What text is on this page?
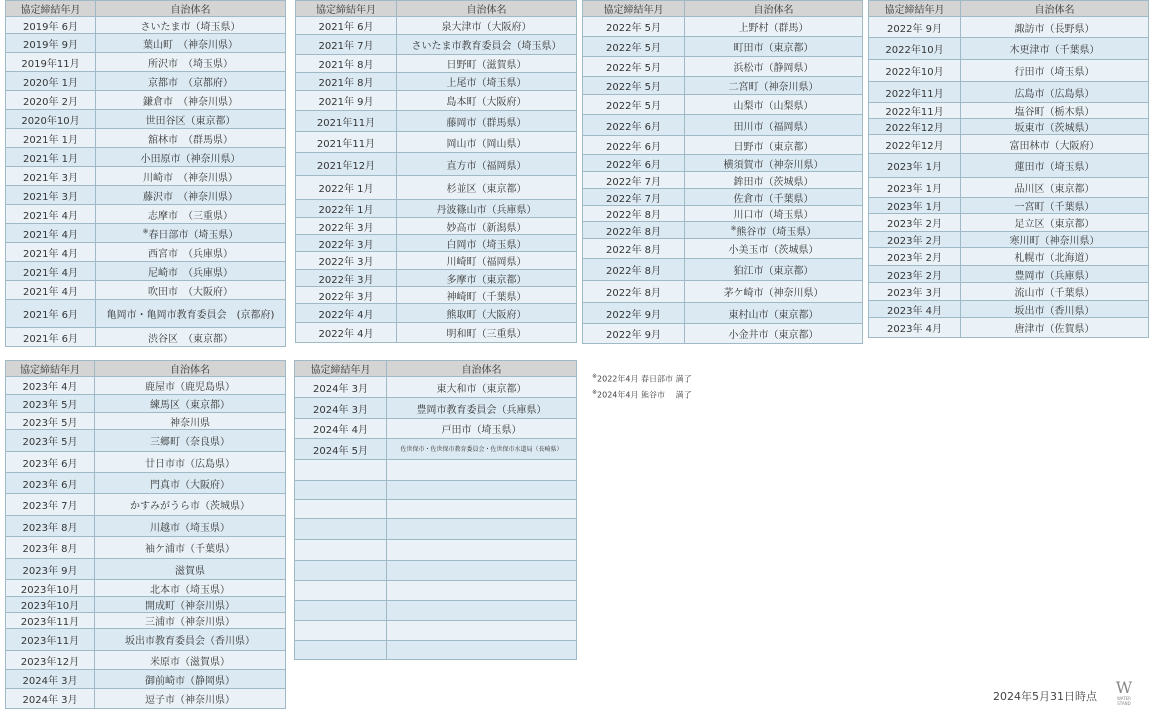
協定締結年月	自治体名
2019年 6月	さいたま市（埼玉県）
2019年 9月	葉山町　（神奈川県）
2019年11月	所沢市　（埼玉県）
2020年 1月	京都市　（京都府）
2020年 2月	鎌倉市　（神奈川県）
2020年10月	世田谷区（東京都）
2021年 1月	舘林市　（群馬県）
2021年 1月	小田原市（神奈川県）
2021年 3月	川崎市　（神奈川県）
2021年 3月	藤沢市　（神奈川県）
2021年 4月	志摩市　（三重県）
2021年 4月	※春日部市（埼玉県）
2021年 4月	西宮市　（兵庫県）
2021年 4月	尼崎市　（兵庫県）
2021年 4月	吹田市　（大阪府）
2021年 6月	亀岡市・亀岡市教育委員会　(京都府)
2021年 6月	渋谷区　（東京都）
協定締結年月	自治体名
2021年 6月	泉大津市（大阪府）
2021年 7月	さいたま市教育委員会（埼玉県）
2021年 8月	日野町（滋賀県）
2021年 8月	上尾市（埼玉県）
2021年 9月	島本町（大阪府）
2021年11月	藤岡市（群馬県）
2021年11月	岡山市（岡山県）
2021年12月	直方市（福岡県）
2022年 1月	杉並区（東京都）
2022年 1月	丹波篠山市（兵庫県）
2022年 3月	妙高市（新潟県）
2022年 3月	白岡市（埼玉県）
2022年 3月	川崎町（福岡県）
2022年 3月	多摩市（東京都）
2022年 3月	神崎町（千葉県）
2022年 4月	熊取町（大阪府）
2022年 4月	明和町（三重県）
協定締結年月	自治体名
2022年 5月	上野村（群馬）
2022年 5月	町田市（東京都）
2022年 5月	浜松市（静岡県）
2022年 5月	二宮町（神奈川県）
2022年 5月	山梨市（山梨県）
2022年 6月	田川市（福岡県）
2022年 6月	日野市（東京都）
2022年 6月	横須賀市（神奈川県）
2022年 7月	鉾田市（茨城県）
2022年 7月	佐倉市（千葉県）
2022年 8月	川口市（埼玉県）
2022年 8月	※熊谷市（埼玉県）
2022年 8月	小美玉市（茨城県）
2022年 8月	狛江市（東京都）
2022年 8月	茅ケ崎市（神奈川県）
2022年 9月	東村山市（東京都）
2022年 9月	小金井市（東京都）
協定締結年月	自治体名
2022年 9月	諏訪市（長野県）
2022年10月	木更津市（千葉県）
2022年10月	行田市（埼玉県）
2022年11月	広島市（広島県）
2022年11月	塩谷町（栃木県）
2022年12月	坂東市（茨城県）
2022年12月	富田林市（大阪府）
2023年 1月	蓮田市（埼玉県）
2023年 1月	品川区（東京都）
2023年 1月	一宮町（千葉県）
2023年 2月	足立区（東京都）
2023年 2月	寒川町（神奈川県）
2023年 2月	札幌市（北海道）
2023年 2月	豊岡市（兵庫県）
2023年 3月	流山市（千葉県）
2023年 4月	坂出市（香川県）
2023年 4月	唐津市（佐賀県）
協定締結年月	自治体名
2023年 4月	鹿屋市（鹿児島県）
2023年 5月	練馬区（東京都）
2023年 5月	神奈川県
2023年 5月	三郷町（奈良県）
2023年 6月	廿日市市（広島県）
2023年 6月	門真市（大阪府）
2023年 7月	かすみがうら市（茨城県）
2023年 8月	川越市（埼玉県）
2023年 8月	袖ケ浦市（千葉県）
2023年 9月	滋賀県
2023年10月	北本市（埼玉県）
2023年10月	開成町（神奈川県）
2023年11月	三浦市（神奈川県）
2023年11月	坂出市教育委員会（香川県）
2023年12月	米原市（滋賀県）
2024年 3月	御前崎市（静岡県）
2024年 3月	逗子市（神奈川県）
協定締結年月	自治体名
2024年 3月	東大和市（東京都）
2024年 3月	豊岡市教育委員会（兵庫県）
2024年 4月	戸田市（埼玉県）
2024年 5月	佐世保市・佐世保市教育委員会・佐世保市水道局（長崎県）

※2022年4月 春日部市 満了
※2024年4月 熊谷市　 満了
2024年5月31日時点 W
WATER STAND
